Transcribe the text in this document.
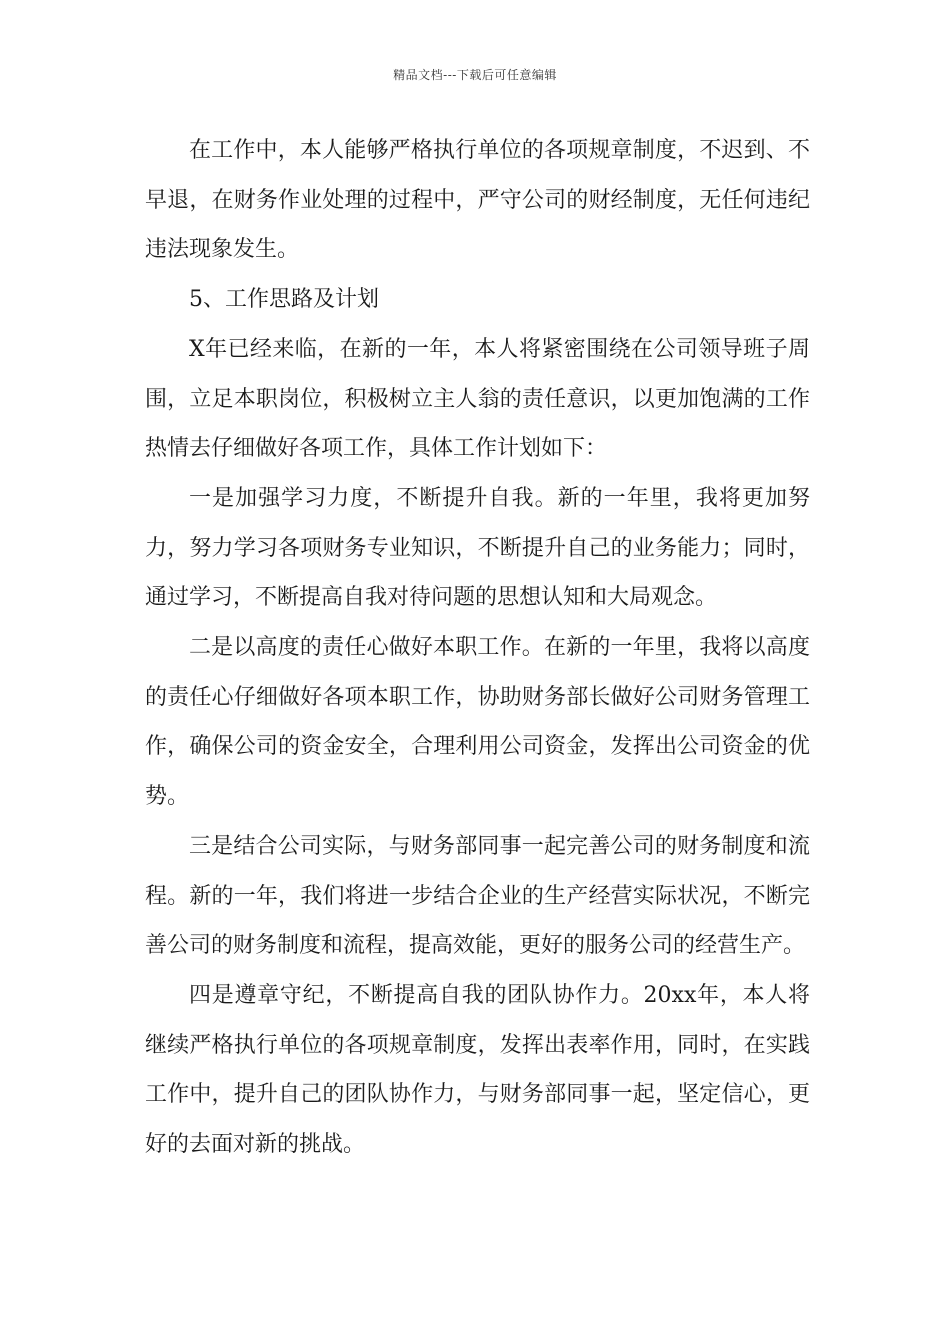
精品文档---下载后可任意编辑

在工作中，本人能够严格执行单位的各项规章制度，不迟到、不早退，在财务作业处理的过程中，严守公司的财经制度，无任何违纪违法现象发生。

5、工作思路及计划

X年已经来临，在新的一年，本人将紧密围绕在公司领导班子周围，立足本职岗位，积极树立主人翁的责任意识，以更加饱满的工作热情去仔细做好各项工作，具体工作计划如下：

一是加强学习力度，不断提升自我。新的一年里，我将更加努力，努力学习各项财务专业知识，不断提升自己的业务能力；同时，通过学习，不断提高自我对待问题的思想认知和大局观念。

二是以高度的责任心做好本职工作。在新的一年里，我将以高度的责任心仔细做好各项本职工作，协助财务部长做好公司财务管理工作，确保公司的资金安全，合理利用公司资金，发挥出公司资金的优势。

三是结合公司实际，与财务部同事一起完善公司的财务制度和流程。新的一年，我们将进一步结合企业的生产经营实际状况，不断完善公司的财务制度和流程，提高效能，更好的服务公司的经营生产。

四是遵章守纪，不断提高自我的团队协作力。20xx年，本人将继续严格执行单位的各项规章制度，发挥出表率作用，同时，在实践工作中，提升自己的团队协作力，与财务部同事一起，坚定信心，更好的去面对新的挑战。
